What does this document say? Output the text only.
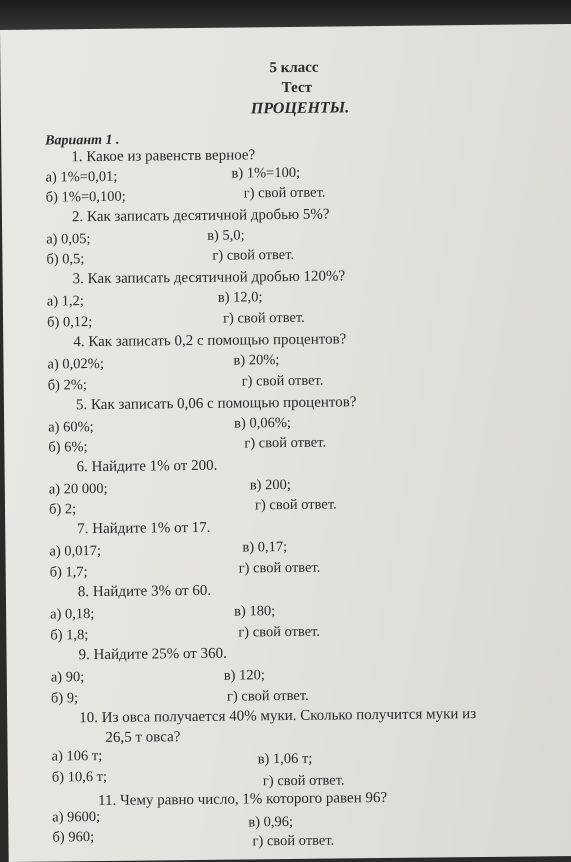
5 класс
Тест
ПРОЦЕНТЫ.
Вариант 1 .
1. Какое из равенств верное?
а) 1%=0,01;	в) 1%=100;
б) 1%=0,100;	г) свой ответ.
2. Как записать десятичной дробью 5%?
а) 0,05;	в) 5,0;
б) 0,5;	г) свой ответ.
3. Как записать десятичной дробью 120%?
а) 1,2;	в) 12,0;
б) 0,12;	г) свой ответ.
4. Как записать 0,2 с помощью процентов?
а) 0,02%;	в) 20%;
б) 2%;	г) свой ответ.
5. Как записать 0,06 с помощью процентов?
а) 60%;	в) 0,06%;
б) 6%;	г) свой ответ.
6. Найдите 1% от 200.
а) 20 000;	в) 200;
б) 2;	г) свой ответ.
7. Найдите 1% от 17.
а) 0,017;	в) 0,17;
б) 1,7;	г) свой ответ.
8. Найдите 3% от 60.
а) 0,18;	в) 180;
б) 1,8;	г) свой ответ.
9. Найдите 25% от 360.
а) 90;	в) 120;
б) 9;	г) свой ответ.
10. Из овса получается 40% муки. Сколько получится муки из
26,5 т овса?
а) 106 т;	в) 1,06 т;
б) 10,6 т;	г) свой ответ.
11. Чему равно число, 1% которого равен 96?
а) 9600;	в) 0,96;
б) 960;	г) свой ответ.
